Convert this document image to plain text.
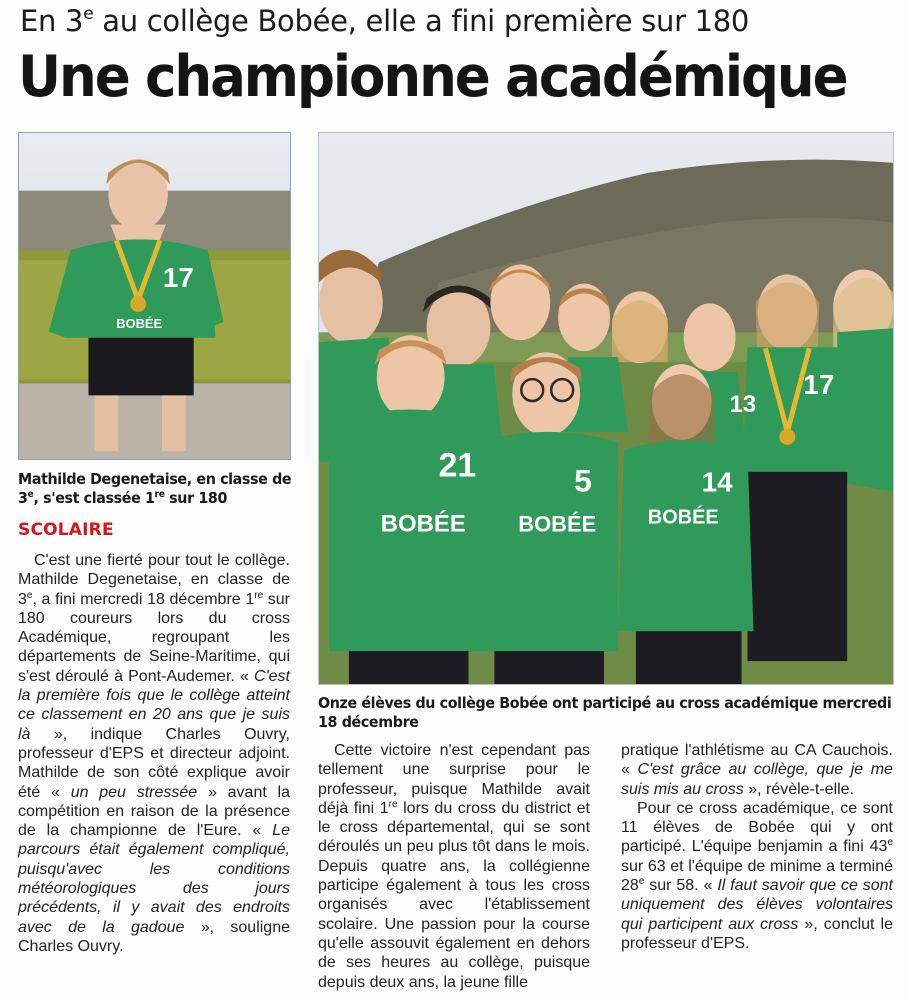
En 3e au collège Bobée, elle a fini première sur 180
Une championne académique
17
BOBÉE
Mathilde Degenetaise, en classe de 3e, s'est classée 1re sur 180
SCOLAIRE

C'est une fierté pour tout le collège. Mathilde Degenetaise, en classe de 3e, a fini mercredi 18 décembre 1re sur 180 coureurs lors du cross Académique, regroupant les départements de Seine-Maritime, qui s'est déroulé à Pont-Audemer. « C'est la première fois que le collège atteint ce classement en 20 ans que je suis là », indique Charles Ouvry, professeur d'EPS et directeur adjoint. Mathilde de son côté explique avoir été « un peu stressée » avant la compétition en raison de la présence de la championne de l'Eure. « Le parcours était également compliqué, puisqu'avec les conditions météorologiques des jours précédents, il y avait des endroits avec de la gadoue », souligne Charles Ouvry.

17
13
21
BOBÉE
5
BOBÉE
14
BOBÉE
Onze élèves du collège Bobée ont participé au cross académique mercredi 18 décembre

Cette victoire n'est cependant pas tellement une surprise pour le professeur, puisque Mathilde avait déjà fini 1re lors du cross du district et le cross départemental, qui se sont déroulés un peu plus tôt dans le mois. Depuis quatre ans, la collégienne participe également à tous les cross organisés avec l'établissement scolaire. Une passion pour la course qu'elle assouvit également en dehors de ses heures au collège, puisque depuis deux ans, la jeune fille

pratique l'athlétisme au CA Cauchois. « C'est grâce au collège, que je me suis mis au cross », révèle-t-elle.

Pour ce cross académique, ce sont 11 élèves de Bobée qui y ont participé. L'équipe benjamin a fini 43e sur 63 et l'équipe de minime a terminé 28e sur 58. « Il faut savoir que ce sont uniquement des élèves volontaires qui participent aux cross », conclut le professeur d'EPS.
